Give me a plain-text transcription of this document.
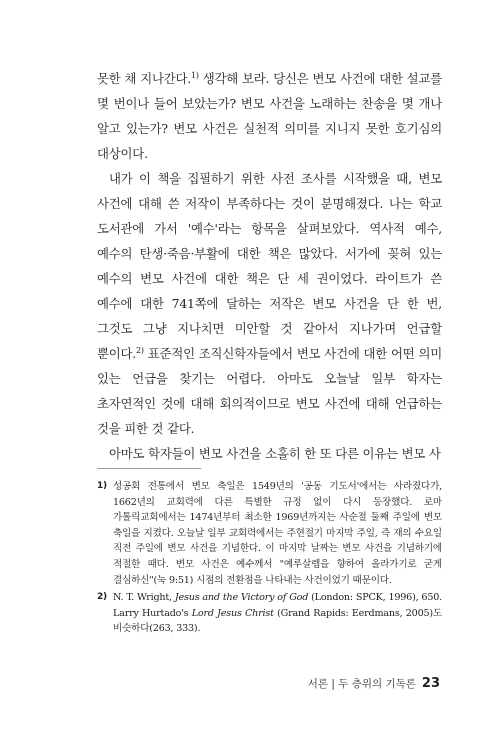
못한 채 지나간다.$^{1)}$ 생각해 보라. 당신은 변모 사건에 대한 설교를 몇 번이나 들어 보았는가? 변모 사건을 노래하는 찬송을 몇 개나 알고 있는가? 변모 사건은 실천적 의미를 지니지 못한 호기심의 대상이다.

내가 이 책을 집필하기 위한 사전 조사를 시작했을 때, 변모 사건에 대해 쓴 저작이 부족하다는 것이 분명해졌다. 나는 학교 도서관에 가서 '예수'라는 항목을 살펴보았다. 역사적 예수, 예수의 탄생·죽음·부활에 대한 책은 많았다. 서가에 꽂혀 있는 예수의 변모 사건에 대한 책은 단 세 권이었다. 라이트가 쓴 예수에 대한 741쪽에 달하는 저작은 변모 사건을 단 한 번, 그것도 그냥 지나치면 미안할 것 같아서 지나가며 언급할 뿐이다.$^{2)}$ 표준적인 조직신학자들에서 변모 사건에 대한 어떤 의미 있는 언급을 찾기는 어렵다. 아마도 오늘날 일부 학자는 초자연적인 것에 대해 회의적이므로 변모 사건에 대해 언급하는 것을 피한 것 같다.

아마도 학자들이 변모 사건을 소홀히 한 또 다른 이유는 변모 사

1) 성공회 전통에서 변모 축일은 1549년의 '공동 기도서'에서는 사라졌다가, 1662년의 교회력에 다른 특별한 규정 없이 다시 등장했다. 로마 가톨릭교회에서는 1474년부터 최소한 1969년까지는 사순절 둘째 주일에 변모 축일을 지켰다. 오늘날 일부 교회력에서는 주현절기 마지막 주일, 즉 재의 수요일 직전 주일에 변모 사건을 기념한다. 이 마지막 날짜는 변모 사건을 기념하기에 적절한 때다. 변모 사건은 예수께서 "예루살렘을 향하여 올라가기로 굳게 결심하신"(눅 9:51) 시점의 전환점을 나타내는 사건이었기 때문이다.
2) N. T. Wright, Jesus and the Victory of God (London: SPCK, 1996), 650. Larry Hurtado's Lord Jesus Christ (Grand Rapids: Eerdmans, 2005)도 비슷하다(263, 333).
서론 | 두 층위의 기독론 23
